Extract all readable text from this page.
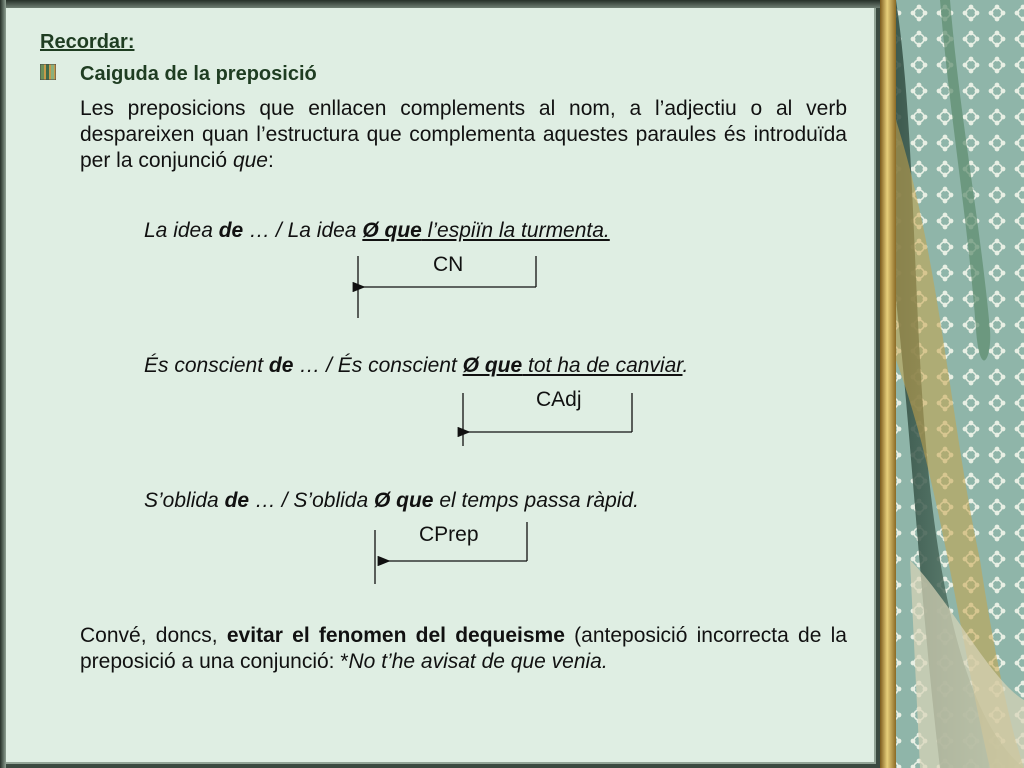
Recordar:
Caiguda de la preposició
Les preposicions que enllacen complements al nom, a l’adjectiu o al verb despareixen quan l’estructura que complementa aquestes paraules és introduïda per la conjunció que:
La idea de … / La idea Ø que l’espiïn la turmenta.
CN
És conscient de … / És conscient Ø que tot ha de canviar.
CAdj
S’oblida de … / S’oblida Ø que el temps passa ràpid.
CPrep
Convé, doncs, evitar el fenomen del dequeisme (anteposició incorrecta de la preposició a una conjunció: *No t’he avisat de que venia.
